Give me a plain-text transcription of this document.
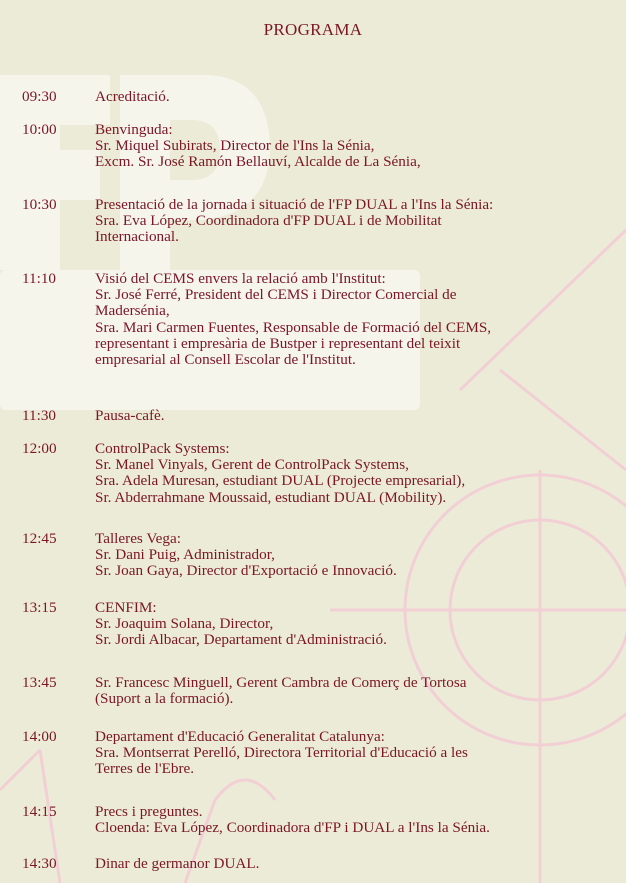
PROGRAMA
09:30	Acreditació.
10:00	Benvinguda:
Sr. Miquel Subirats, Director de l'Ins la Sénia,
Excm. Sr. José Ramón Bellauví, Alcalde de La Sénia,
10:30	Presentació de la jornada i situació de l'FP DUAL a l'Ins la Sénia:
Sra. Eva López, Coordinadora d'FP DUAL i de Mobilitat
Internacional.
11:10	Visió del CEMS envers la relació amb l'Institut:
Sr. José Ferré, President del CEMS i Director Comercial de
Madersénia,
Sra. Mari Carmen Fuentes, Responsable de Formació del CEMS,
representant i empresària de Bustper i representant del teixit
empresarial al Consell Escolar de l'Institut.
11:30	Pausa-cafè.
12:00	ControlPack Systems:
Sr. Manel Vinyals, Gerent de ControlPack Systems,
Sra. Adela Muresan, estudiant DUAL (Projecte empresarial),
Sr. Abderrahmane Moussaid, estudiant DUAL (Mobility).
12:45	Talleres Vega:
Sr. Dani Puig, Administrador,
Sr. Joan Gaya, Director d'Exportació e Innovació.
13:15	CENFIM:
Sr. Joaquim Solana, Director,
Sr. Jordi Albacar, Departament d'Administració.
13:45	Sr. Francesc Minguell, Gerent Cambra de Comerç de Tortosa
(Suport a la formació).
14:00	Departament d'Educació Generalitat Catalunya:
Sra. Montserrat Perelló, Directora Territorial d'Educació a les
Terres de l'Ebre.
14:15	Precs i preguntes.
Cloenda: Eva López, Coordinadora d'FP i DUAL a l'Ins la Sénia.
14:30	Dinar de germanor DUAL.
